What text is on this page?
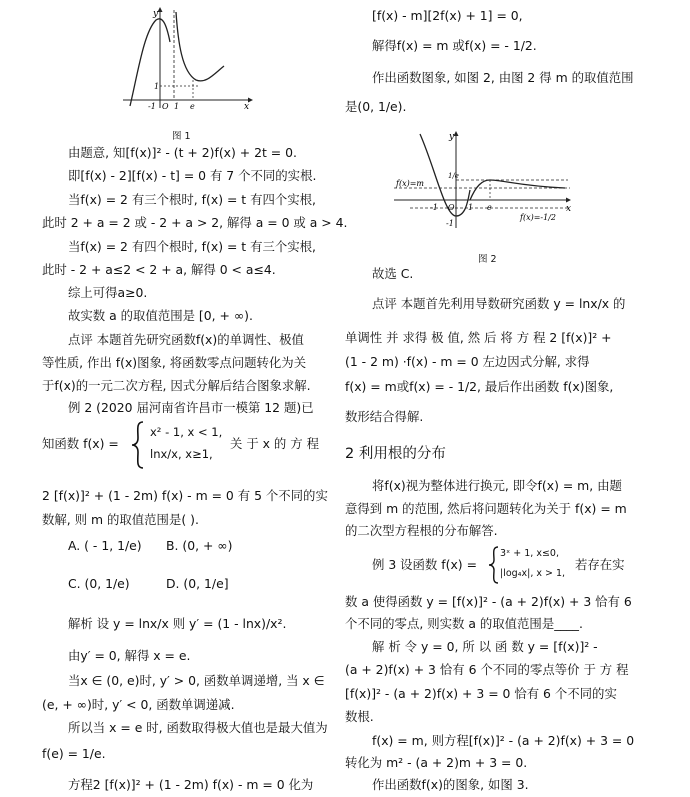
y
x
-1 O 1
1
e
图 1
由题意, 知[f(x)]² - (t + 2)f(x) + 2t = 0.
即[f(x) - 2][f(x) - t] = 0 有 7 个不同的实根.
当f(x) = 2 有三个根时, f(x) = t 有四个实根,
此时 2 + a = 2 或 - 2 + a > 2, 解得 a = 0 或 a > 4.
当f(x) = 2 有四个根时, f(x) = t 有三个实根,
此时 - 2 + a≤2 < 2 + a, 解得 0 < a≤4.
综上可得a≥0.
故实数 a 的取值范围是 [0, + ∞).
点评 本题首先研究函数f(x)的单调性、极值
等性质, 作出 f(x)图象, 将函数零点问题转化为关
于f(x)的一元二次方程, 因式分解后结合图象求解.
例 2 (2020 届河南省许昌市一模第 12 题)已
知函数 f(x) =
x² - 1, x < 1,
lnx/x, x≥1,
关 于 x 的 方 程
2 [f(x)]² + (1 - 2m) f(x) - m = 0 有 5 个不同的实
数解, 则 m 的取值范围是( ).
A. ( - 1, 1/e) B. (0, + ∞)
C. (0, 1/e)	D. (0, 1/e]
解析 设 y = lnx/x 则 y′ = (1 - lnx)/x².
由y′ = 0, 解得 x = e.
当x ∈ (0, e)时, y′ > 0, 函数单调递增, 当 x ∈
(e, + ∞)时, y′ < 0, 函数单调递减.
所以当 x = e 时, 函数取得极大值也是最大值为
f(e) = 1/e.
方程2 [f(x)]² + (1 - 2m) f(x) - m = 0 化为
[f(x) - m][2f(x) + 1] = 0,
解得f(x) = m 或f(x) = - 1/2.
作出函数图象, 如图 2, 由图 2 得 m 的取值范围
是(0, 1/e).
y
x
f(x)=m
f(x)=-1/2
1/e
-1 O 1 e
-1
图 2
故选 C.
点评 本题首先利用导数研究函数 y = lnx/x 的
单调性 并 求得 极 值, 然 后 将 方 程 2 [f(x)]² +
(1 - 2 m) ·f(x) - m = 0 左边因式分解, 求得
f(x) = m或f(x) = - 1/2, 最后作出函数 f(x)图象,
数形结合得解.
2 利用根的分布
将f(x)视为整体进行换元, 即令f(x) = m, 由题
意得到 m 的范围, 然后将问题转化为关于 f(x) = m
的二次型方程根的分布解答.
例 3 设函数 f(x) =
3ˣ + 1, x≤0,
|log₄x|, x > 1,
若存在实
数 a 使得函数 y = [f(x)]² - (a + 2)f(x) + 3 恰有 6
个不同的零点, 则实数 a 的取值范围是____.
解 析 令 y = 0, 所 以 函 数 y = [f(x)]² -
(a + 2)f(x) + 3 恰有 6 个不同的零点等价 于 方 程
[f(x)]² - (a + 2)f(x) + 3 = 0 恰有 6 个不同的实
数根.
f(x) = m, 则方程[f(x)]² - (a + 2)f(x) + 3 = 0
转化为 m² - (a + 2)m + 3 = 0.
作出函数f(x)的图象, 如图 3.
